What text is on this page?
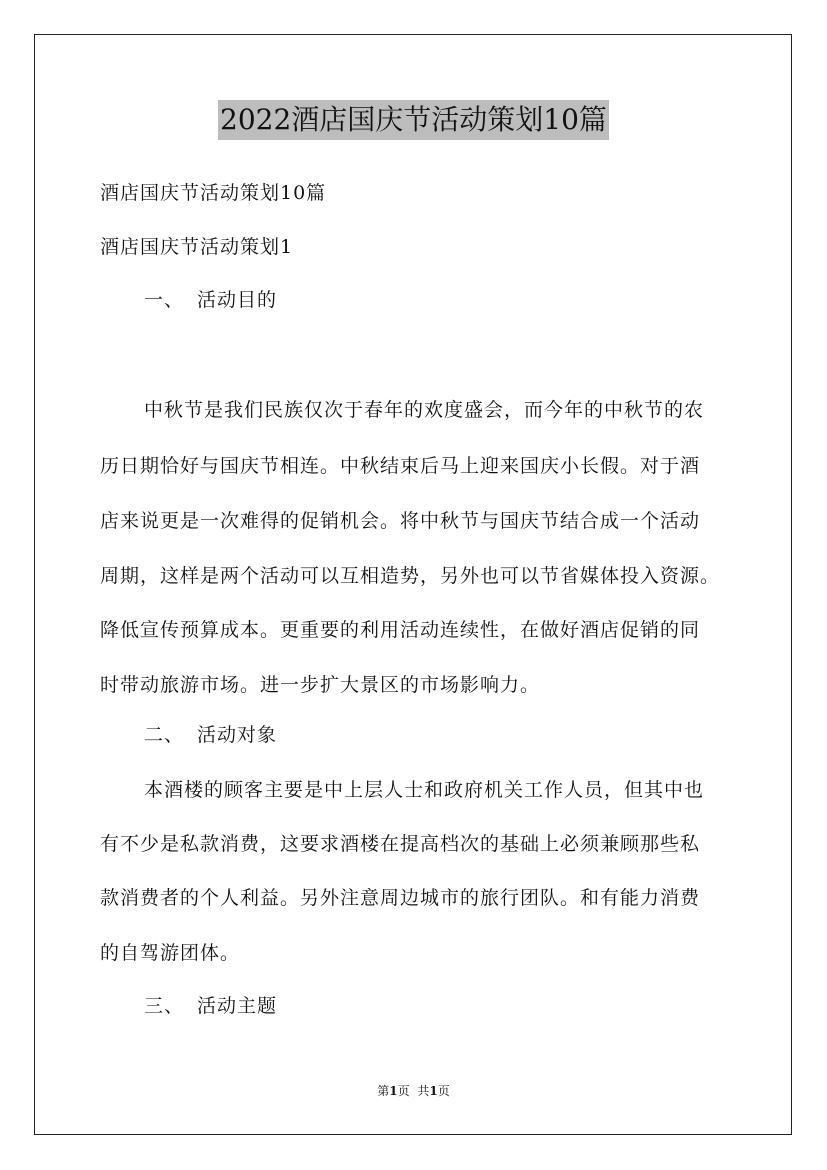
2022酒店国庆节活动策划10篇
酒店国庆节活动策划10篇
酒店国庆节活动策划1
一、 活动目的
中秋节是我们民族仅次于春年的欢度盛会，而今年的中秋节的农
历日期恰好与国庆节相连。中秋结束后马上迎来国庆小长假。对于酒
店来说更是一次难得的促销机会。将中秋节与国庆节结合成一个活动
周期，这样是两个活动可以互相造势，另外也可以节省媒体投入资源。
降低宣传预算成本。更重要的利用活动连续性，在做好酒店促销的同
时带动旅游市场。进一步扩大景区的市场影响力。
二、 活动对象
本酒楼的顾客主要是中上层人士和政府机关工作人员，但其中也
有不少是私款消费，这要求酒楼在提高档次的基础上必须兼顾那些私
款消费者的个人利益。另外注意周边城市的旅行团队。和有能力消费
的自驾游团体。
三、 活动主题
第1页 共1页
